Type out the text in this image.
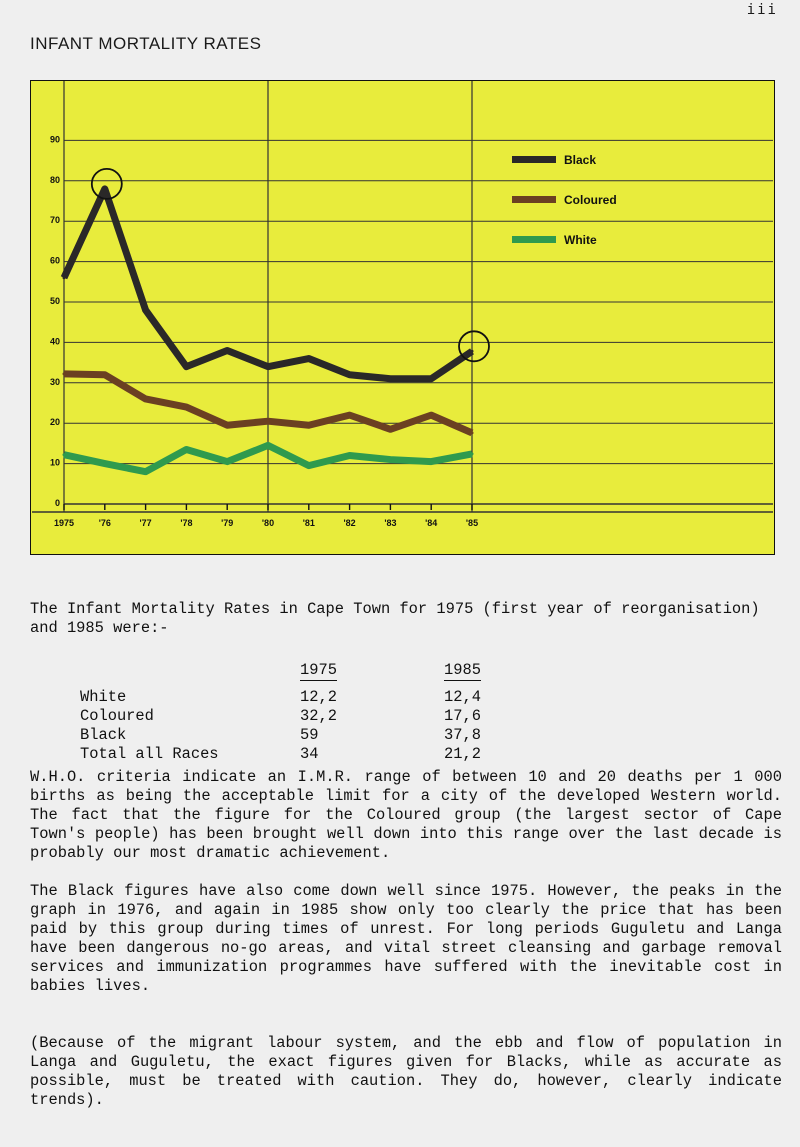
iii
INFANT MORTALITY RATES
0
10
20
30
40
50
60
70
80
90
1975	'76	'77	'78	'79	'80	'81	'82	'83	'84	'85
Black
Coloured
White
The Infant Mortality Rates in Cape Town for 1975 (first year of reorganisation)
and 1985 were:-
	1975	1985
White	12,2	12,4
Coloured	32,2	17,6
Black	59	37,8
Total all Races	34	21,2
W.H.O. criteria indicate an I.M.R. range of between 10 and 20 deaths per 1 000 births as being the acceptable limit for a city of the developed Western world. The fact that the figure for the Coloured group (the largest sector of Cape Town's people) has been brought well down into this range over the last decade is probably our most dramatic achievement.
The Black figures have also come down well since 1975. However, the peaks in the graph in 1976, and again in 1985 show only too clearly the price that has been paid by this group during times of unrest. For long periods Guguletu and Langa have been dangerous no-go areas, and vital street cleansing and garbage removal services and immunization programmes have suffered with the inevitable cost in babies lives.
(Because of the migrant labour system, and the ebb and flow of population in Langa and Guguletu, the exact figures given for Blacks, while as accurate as possible, must be treated with caution. They do, however, clearly indicate trends).
